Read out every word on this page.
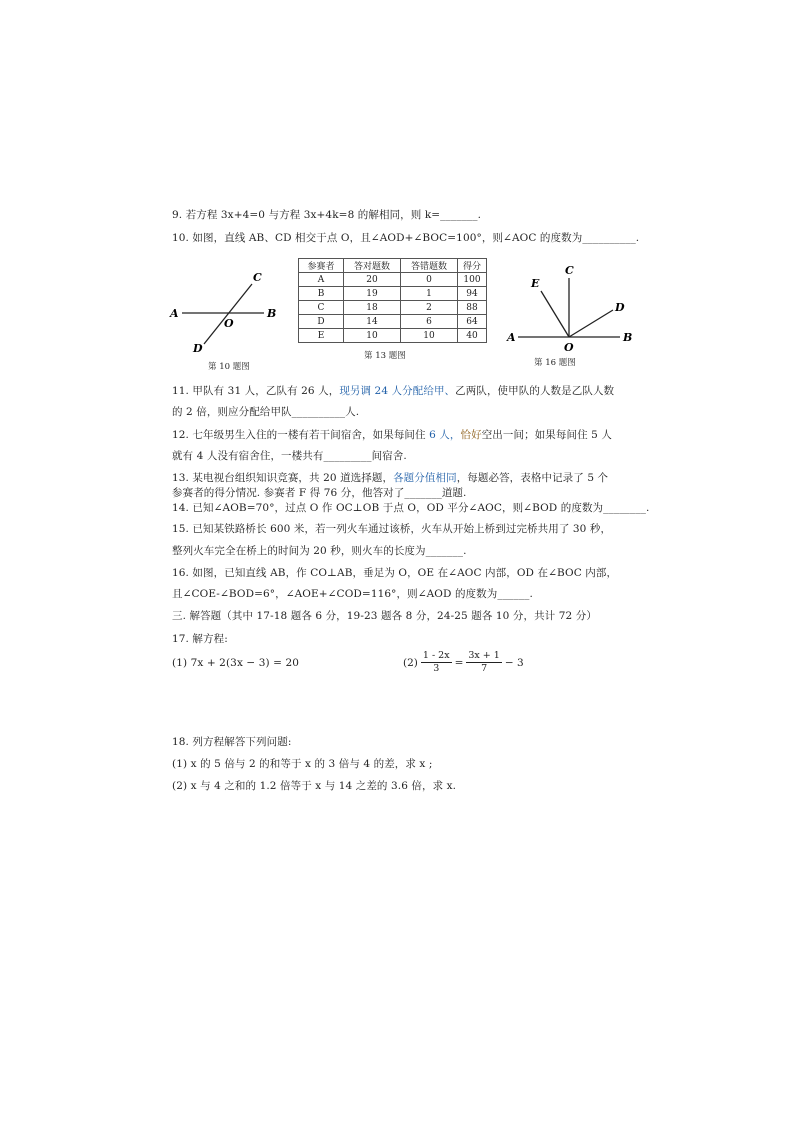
9. 若方程 3x+4=0 与方程 3x+4k=8 的解相同，则 k=_______.
10. 如图，直线 AB、CD 相交于点 O，且∠AOD+∠BOC=100°，则∠AOC 的度数为__________.
A	B
C
D
O
第 10 题图
参赛者	答对题数	答错题数	得分
A	20	0	100
B	19	1	94
C	18	2	88
D	14	6	64
E	10	10	40
第 13 题图
A	B
C
D
E
O
第 16 题图
11. 甲队有 31 人，乙队有 26 人，现另调 24 人分配给甲、乙两队，使甲队的人数是乙队人数
的 2 倍，则应分配给甲队__________人.
12. 七年级男生入住的一楼有若干间宿舍，如果每间住 6 人，恰好空出一间；如果每间住 5 人
就有 4 人没有宿舍住，一楼共有_________间宿舍.
13. 某电视台组织知识竞赛，共 20 道选择题，各题分值相同，每题必答，表格中记录了 5 个
参赛者的得分情况. 参赛者 F 得 76 分，他答对了_______道题.
14. 已知∠AOB=70°，过点 O 作 OC⊥OB 于点 O，OD 平分∠AOC，则∠BOD 的度数为________.
15. 已知某铁路桥长 600 米，若一列火车通过该桥，火车从开始上桥到过完桥共用了 30 秒，
整列火车完全在桥上的时间为 20 秒，则火车的长度为_______.
16. 如图，已知直线 AB，作 CO⊥AB，垂足为 O，OE 在∠AOC 内部，OD 在∠BOC 内部，
且∠COE-∠BOD=6°，∠AOE+∠COD=116°，则∠AOD 的度数为______.
三. 解答题（其中 17-18 题各 6 分，19-23 题各 8 分，24-25 题各 10 分，共计 72 分）
17. 解方程:
(1) 7x + 2(3x − 3) = 20	$(2) \frac{1 - 2x}{3} = \frac{3x + 1}{7} - 3$
18. 列方程解答下列问题:
(1) x 的 5 倍与 2 的和等于 x 的 3 倍与 4 的差，求 x ;
(2) x 与 4 之和的 1.2 倍等于 x 与 14 之差的 3.6 倍，求 x.
